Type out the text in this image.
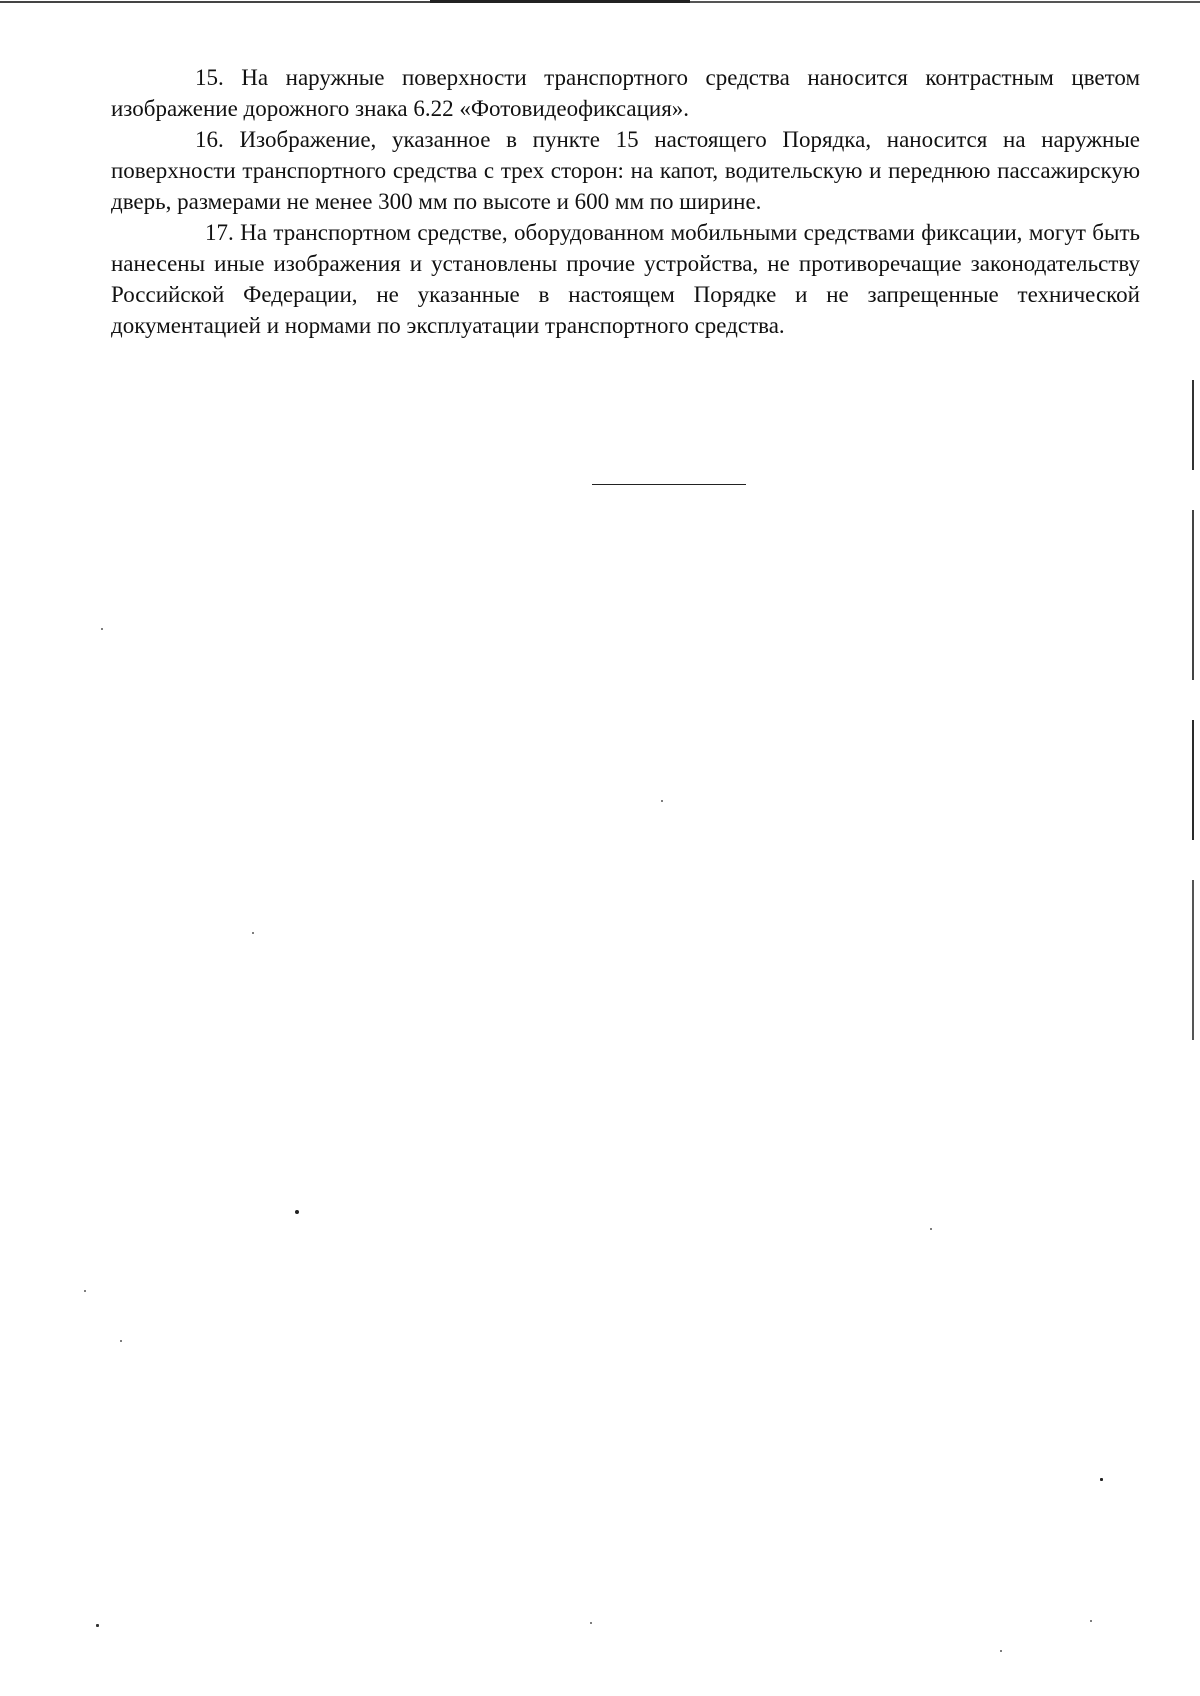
15. На наружные поверхности транспортного средства наносится контрастным цветом изображение дорожного знака 6.22 «Фотовидеофиксация».

16. Изображение, указанное в пункте 15 настоящего Порядка, наносится на наружные поверхности транспортного средства с трех сторон: на капот, водительскую и переднюю пассажирскую дверь, размерами не менее 300 мм по высоте и 600 мм по ширине.

17. На транспортном средстве, оборудованном мобильными средствами фиксации, могут быть нанесены иные изображения и установлены прочие устройства, не противоречащие законодательству Российской Федерации, не указанные в настоящем Порядке и не запрещенные технической документацией и нормами по эксплуатации транспортного средства.
